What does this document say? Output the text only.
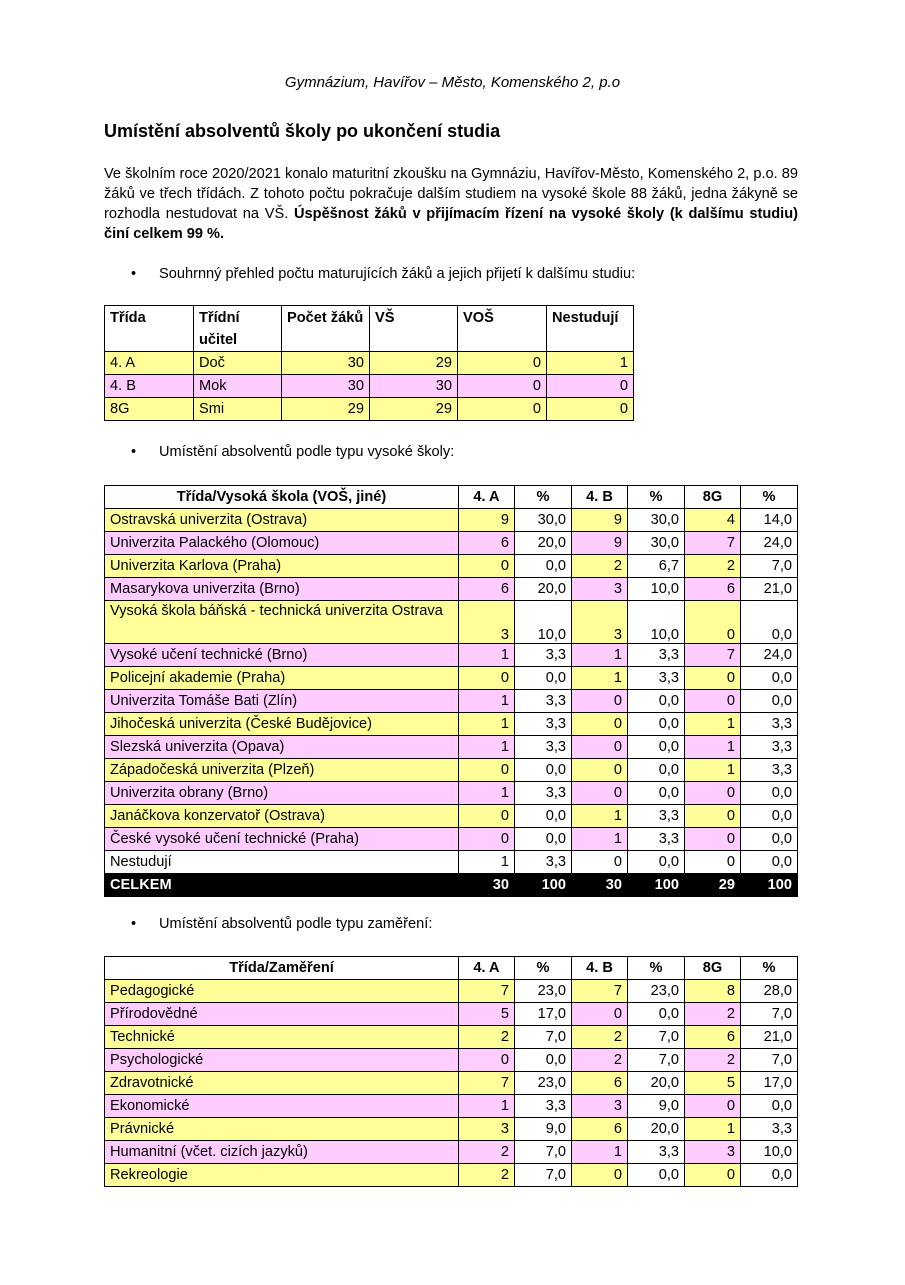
Gymnázium, Havířov – Město, Komenského 2, p.o
Umístění absolventů školy po ukončení studia
Ve školním roce 2020/2021 konalo maturitní zkoušku na Gymnáziu, Havířov-Město, Komenského 2, p.o. 89 žáků ve třech třídách. Z tohoto počtu pokračuje dalším studiem na vysoké škole 88 žáků, jedna žákyně se rozhodla nestudovat na VŠ. Úspěšnost žáků v přijímacím řízení na vysoké školy (k dalšímu studiu) činí celkem 99 %.
• Souhrnný přehled počtu maturujících žáků a jejich přijetí k dalšímu studiu:
Třída	Třídní učitel	Počet žáků	VŠ	VOŠ	Nestudují
4. A	Doč	30	29	0	1
4. B	Mok	30	30	0	0
8G	Smi	29	29	0	0
• Umístění absolventů podle typu vysoké školy:
Třída/Vysoká škola (VOŠ, jiné)	4. A	%	4. B	%	8G	%
Ostravská univerzita (Ostrava)	9	30,0	9	30,0	4	14,0
Univerzita Palackého (Olomouc)	6	20,0	9	30,0	7	24,0
Univerzita Karlova (Praha)	0	0,0	2	6,7	2	7,0
Masarykova univerzita (Brno)	6	20,0	3	10,0	6	21,0
Vysoká škola báňská - technická univerzita Ostrava	3	10,0	3	10,0	0	0,0
Vysoké učení technické (Brno)	1	3,3	1	3,3	7	24,0
Policejní akademie (Praha)	0	0,0	1	3,3	0	0,0
Univerzita Tomáše Bati (Zlín)	1	3,3	0	0,0	0	0,0
Jihočeská univerzita (České Budějovice)	1	3,3	0	0,0	1	3,3
Slezská univerzita (Opava)	1	3,3	0	0,0	1	3,3
Západočeská univerzita (Plzeň)	0	0,0	0	0,0	1	3,3
Univerzita obrany (Brno)	1	3,3	0	0,0	0	0,0
Janáčkova konzervatoř (Ostrava)	0	0,0	1	3,3	0	0,0
České vysoké učení technické (Praha)	0	0,0	1	3,3	0	0,0
Nestudují	1	3,3	0	0,0	0	0,0
CELKEM	30	100	30	100	29	100
• Umístění absolventů podle typu zaměření:
Třída/Zaměření	4. A	%	4. B	%	8G	%
Pedagogické	7	23,0	7	23,0	8	28,0
Přírodovědné	5	17,0	0	0,0	2	7,0
Technické	2	7,0	2	7,0	6	21,0
Psychologické	0	0,0	2	7,0	2	7,0
Zdravotnické	7	23,0	6	20,0	5	17,0
Ekonomické	1	3,3	3	9,0	0	0,0
Právnické	3	9,0	6	20,0	1	3,3
Humanitní (včet. cizích jazyků)	2	7,0	1	3,3	3	10,0
Rekreologie	2	7,0	0	0,0	0	0,0
